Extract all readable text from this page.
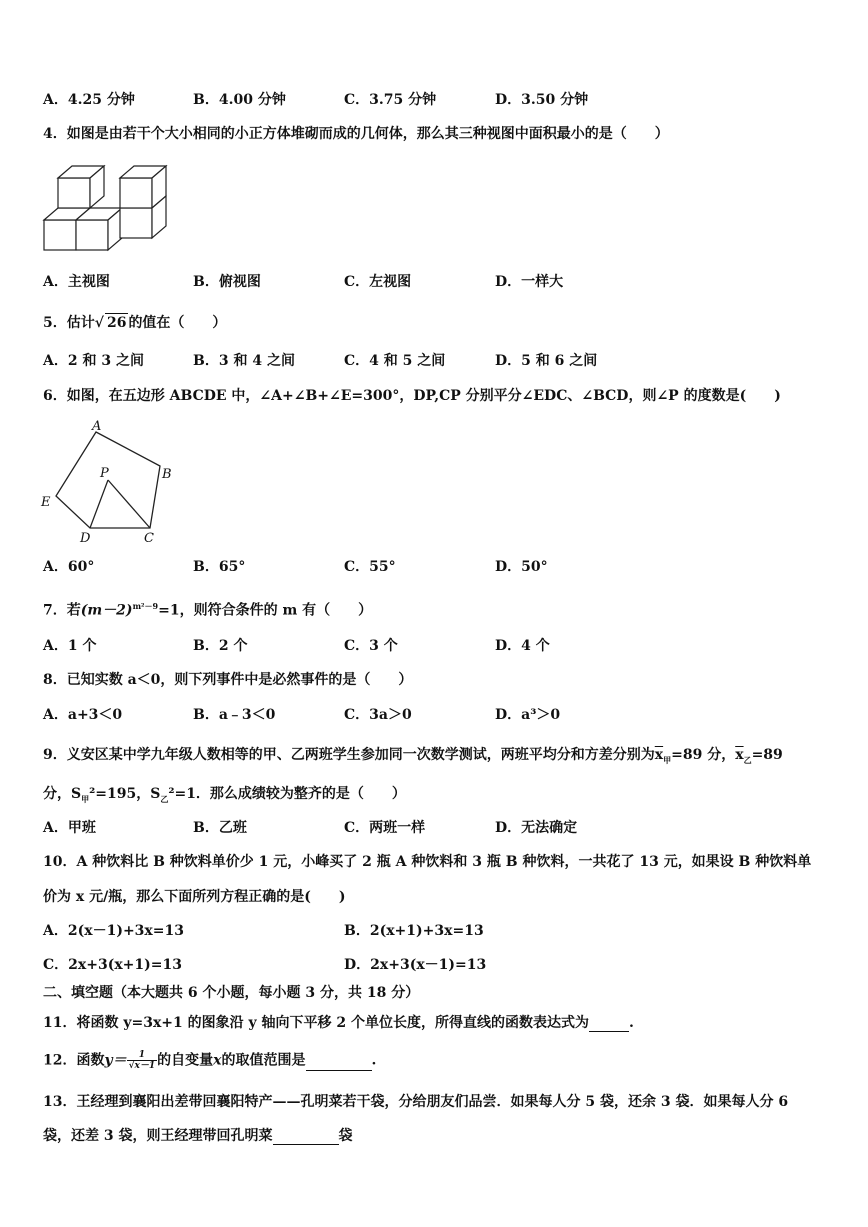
A．4.25 分钟	B．4.00 分钟	C．3.75 分钟	D．3.50 分钟
4．如图是由若干个大小相同的小正方体堆砌而成的几何体，那么其三种视图中面积最小的是（　　）
A．主视图	B．俯视图	C．左视图	D．一样大
5．估计√ 26 的值在（　　）
A．2 和 3 之间	B．3 和 4 之间	C．4 和 5 之间	D．5 和 6 之间
6．如图，在五边形 ABCDE 中，∠A+∠B+∠E=300°，DP,CP 分别平分∠EDC、∠BCD，则∠P 的度数是(　　)
A
B
C
D
E
P
A．60°	B．65°	C．55°	D．50°
7．若$(m-2)^{m^2-9}=1$，则符合条件的 m 有（　　）
A．1 个	B．2 个	C．3 个	D．4 个
8．已知实数 a＜0，则下列事件中是必然事件的是（　　）
A．a+3＜0	B．a﹣3＜0	C．3a＞0	D．a³＞0
9．义安区某中学九年级人数相等的甲、乙两班学生参加同一次数学测试，两班平均分和方差分别为$\overline{x}_甲=89$ 分，$\overline{x}_乙=89$
分，$S_甲^2=195$，$S_乙^2=1$．那么成绩较为整齐的是（　　）
A．甲班	B．乙班	C．两班一样	D．无法确定
10．A 种饮料比 B 种饮料单价少 1 元，小峰买了 2 瓶 A 种饮料和 3 瓶 B 种饮料，一共花了 13 元，如果设 B 种饮料单
价为 x 元/瓶，那么下面所列方程正确的是(　　)
A．2(x－1)+3x=13	B．2(x+1)+3x=13
C．2x+3(x+1)=13	D．2x+3(x－1)=13
二、填空题（本大题共 6 个小题，每小题 3 分，共 18 分）
11．将函数 y=3x+1 的图象沿 y 轴向下平移 2 个单位长度，所得直线的函数表达式为	.
12．函数$y= \frac{1}{√x-1}$ 的自变量x的取值范围是	.
13．王经理到襄阳出差带回襄阳特产——孔明菜若干袋，分给朋友们品尝．如果每人分 5 袋，还余 3 袋．如果每人分 6
袋，还差 3 袋，则王经理带回孔明菜	袋
